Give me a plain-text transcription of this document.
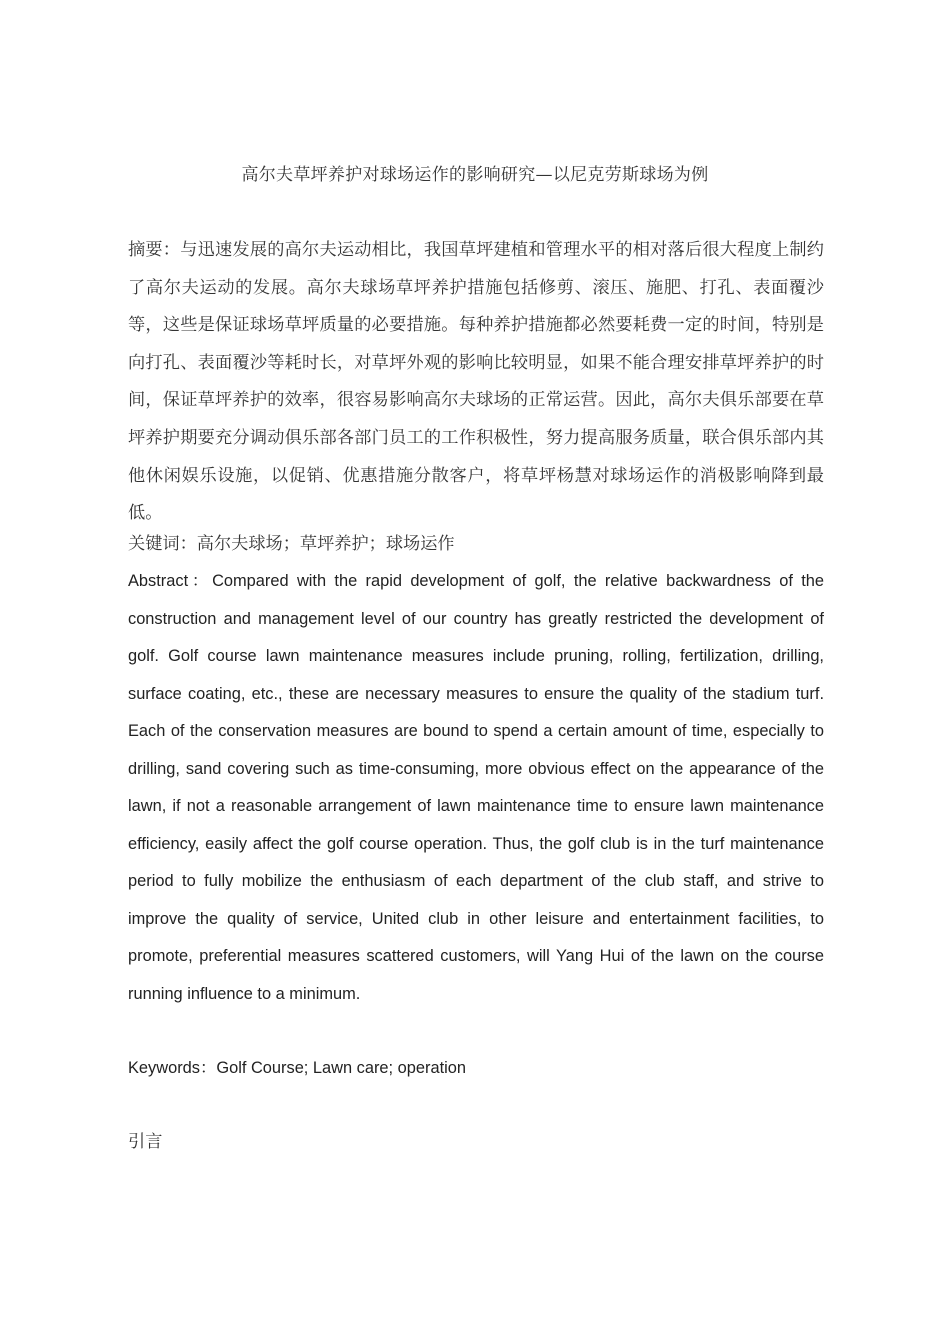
高尔夫草坪养护对球场运作的影响研究—以尼克劳斯球场为例
摘要：与迅速发展的高尔夫运动相比，我国草坪建植和管理水平的相对落后很大程度上制约了高尔夫运动的发展。高尔夫球场草坪养护措施包括修剪、滚压、施肥、打孔、表面覆沙等，这些是保证球场草坪质量的必要措施。每种养护措施都必然要耗费一定的时间，特别是向打孔、表面覆沙等耗时长，对草坪外观的影响比较明显，如果不能合理安排草坪养护的时间，保证草坪养护的效率，很容易影响高尔夫球场的正常运营。因此，高尔夫俱乐部要在草坪养护期要充分调动俱乐部各部门员工的工作积极性，努力提高服务质量，联合俱乐部内其他休闲娱乐设施，以促销、优惠措施分散客户，将草坪杨慧对球场运作的消极影响降到最低。
关键词：高尔夫球场；草坪养护；球场运作
Abstract：Compared with the rapid development of golf, the relative backwardness of the construction and management level of our country has greatly restricted the development of golf. Golf course lawn maintenance measures include pruning, rolling, fertilization, drilling, surface coating, etc., these are necessary measures to ensure the quality of the stadium turf. Each of the conservation measures are bound to spend a certain amount of time, especially to drilling, sand covering such as time-consuming, more obvious effect on the appearance of the lawn, if not a reasonable arrangement of lawn maintenance time to ensure lawn maintenance efficiency, easily affect the golf course operation. Thus, the golf club is in the turf maintenance period to fully mobilize the enthusiasm of each department of the club staff, and strive to improve the quality of service, United club in other leisure and entertainment facilities, to promote, preferential measures scattered customers, will Yang Hui of the lawn on the course running influence to a minimum.
Keywords：Golf Course; Lawn care; operation
引言
